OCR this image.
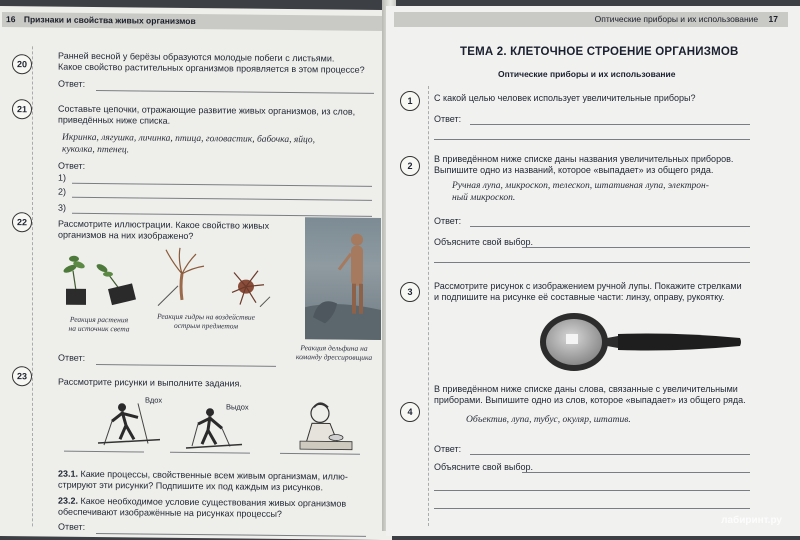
16 Признаки и свойства живых организмов
20
Ранней весной у берёзы образуются молодые побеги с листьями.
Какое свойство растительных организмов проявляется в этом процессе?
Ответ:
21	Составьте цепочки, отражающие развитие живых организмов, из слов,
приведённых ниже списка.
Икринка, лягушка, личинка, птица, головастик, бабочка, яйцо,
куколка, птенец.
Ответ:
1)
2)
3)
22	Рассмотрите иллюстрации. Какое свойство живых
организмов на них изображено?
Реакция растения
на источник света
Реакция гидры на воздействие
острым предметом
Реакция дельфина на
команду дрессировщика
Ответ:
23
Рассмотрите рисунки и выполните задания.
Вдох
Выдох
23.1. Какие процессы, свойственные всем живым организмам, иллю-
стрируют эти рисунки? Подпишите их под каждым из рисунков.
23.2. Какое необходимое условие существования живых организмов
обеспечивают изображённые на рисунках процессы?
Ответ:
Оптические приборы и их использование 17
ТЕМА 2. КЛЕТОЧНОЕ СТРОЕНИЕ ОРГАНИЗМОВ
Оптические приборы и их использование
1	С какой целью человек использует увеличительные приборы?
Ответ:
2
В приведённом ниже списке даны названия увеличительных приборов.
Выпишите одно из названий, которое «выпадает» из общего ряда.
Ручная лупа, микроскоп, телескоп, штативная лупа, электрон-
ный микроскоп.
Ответ:
Объясните свой выбор.
3
Рассмотрите рисунок с изображением ручной лупы. Покажите стрелками
и подпишите на рисунке её составные части: линзу, оправу, рукоятку.
4
В приведённом ниже списке даны слова, связанные с увеличительными
приборами. Выпишите одно из слов, которое «выпадает» из общего ряда.
Объектив, лупа, тубус, окуляр, штатив.
Ответ:
Объясните свой выбор.
лабиринт.ру
